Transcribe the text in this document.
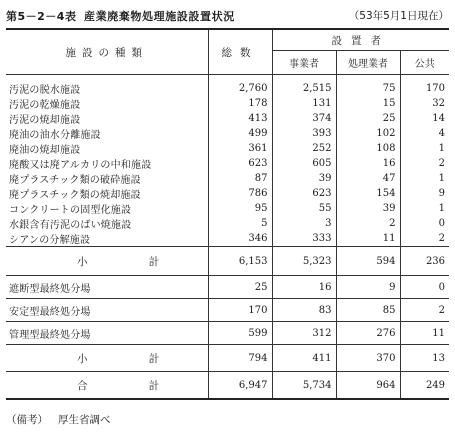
第5－2－4表 産業廃棄物処理施設設置状況	（53年5月1日現在）
施設の種類	総数	設置者		
		事業者	処理業者	公共

汚泥の脱水施設	2,760	2,515	75	170
汚泥の乾燥施設	178	131	15	32
汚泥の焼却施設	413	374	25	14
廃油の油水分離施設	499	393	102	4
廃油の焼却施設	361	252	108	1
廃酸又は廃アルカリの中和施設	623	605	16	2
廃プラスチック類の破砕施設	87	39	47	1
廃プラスチック類の焼却施設	786	623	154	9
コンクリートの固型化施設	95	55	39	1
水銀含有汚泥のばい焼施設	5	3	2	0
シアンの分解施設	346	333	11	2

小 計	6,153	5,323	594	236
遮断型最終処分場	25	16	9	0
安定型最終処分場	170	83	85	2
管理型最終処分場	599	312	276	11

小 計	794	411	370	13

合 計	6,947	5,734	964	249
（備考） 厚生省調べ
